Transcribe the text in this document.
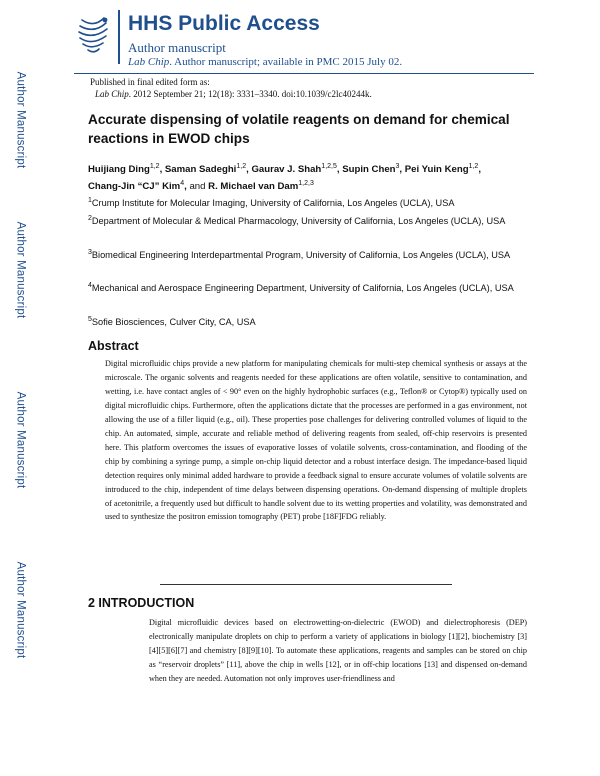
Author Manuscript
Author Manuscript
Author Manuscript
Author Manuscript
HHS Public Access
Author manuscript
Lab Chip. Author manuscript; available in PMC 2015 July 02.
Published in final edited form as:
Lab Chip. 2012 September 21; 12(18): 3331–3340. doi:10.1039/c2lc40244k.
Accurate dispensing of volatile reagents on demand for chemical reactions in EWOD chips
Huijiang Ding$^{1,2}$, Saman Sadeghi$^{1,2}$, Gaurav J. Shah$^{1,2,5}$, Supin Chen$^3$, Pei Yuin Keng$^{1,2}$,
Chang-Jin “CJ” Kim$^4$, and R. Michael van Dam$^{1,2,3}$
$^1$Crump Institute for Molecular Imaging, University of California, Los Angeles (UCLA), USA
$^2$Department of Molecular & Medical Pharmacology, University of California, Los Angeles (UCLA), USA
$^3$Biomedical Engineering Interdepartmental Program, University of California, Los Angeles (UCLA), USA
$^4$Mechanical and Aerospace Engineering Department, University of California, Los Angeles (UCLA), USA
$^5$Sofie Biosciences, Culver City, CA, USA
Abstract
Digital microfluidic chips provide a new platform for manipulating chemicals for multi-step chemical synthesis or assays at the microscale. The organic solvents and reagents needed for these applications are often volatile, sensitive to contamination, and wetting, i.e. have contact angles of < 90° even on the highly hydrophobic surfaces (e.g., Teflon® or Cytop®) typically used on digital microfluidic chips. Furthermore, often the applications dictate that the processes are performed in a gas environment, not allowing the use of a filler liquid (e.g., oil). These properties pose challenges for delivering controlled volumes of liquid to the chip. An automated, simple, accurate and reliable method of delivering reagents from sealed, off-chip reservoirs is presented here. This platform overcomes the issues of evaporative losses of volatile solvents, cross-contamination, and flooding of the chip by combining a syringe pump, a simple on-chip liquid detector and a robust interface design. The impedance-based liquid detection requires only minimal added hardware to provide a feedback signal to ensure accurate volumes of volatile solvents are introduced to the chip, independent of time delays between dispensing operations. On-demand dispensing of multiple droplets of acetonitrile, a frequently used but difficult to handle solvent due to its wetting properties and volatility, was demonstrated and used to synthesize the positron emission tomography (PET) probe [18F]FDG reliably.
2 INTRODUCTION
Digital microfluidic devices based on electrowetting-on-dielectric (EWOD) and dielectrophoresis (DEP) electronically manipulate droplets on chip to perform a variety of applications in biology [1][2], biochemistry [3][4][5][6][7] and chemistry [8][9][10]. To automate these applications, reagents and samples can be stored on chip as “reservoir droplets” [11], above the chip in wells [12], or in off-chip locations [13] and dispensed on-demand when they are needed. Automation not only improves user-friendliness and
